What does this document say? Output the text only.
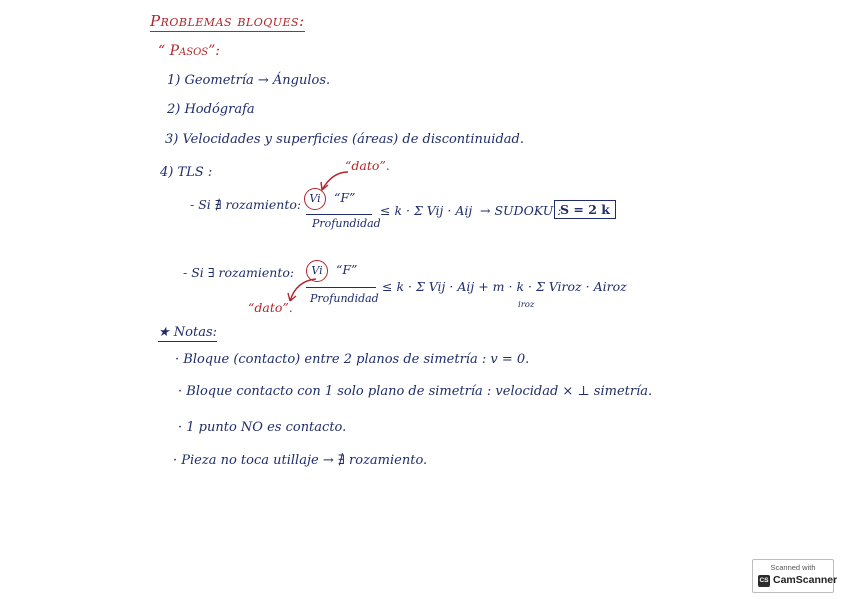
Problemas bloques:
“ Pasos”:
1) Geometría → Ángulos.
2) Hodógrafa
3) Velocidades y superficies (áreas) de discontinuidad.
4) TLS :	“dato”.
- Si ∄ rozamiento: Vi “F”
Profundidad
≤ k · Σ Vij · Aij → SUDOKU :
S = 2 k
- Si ∃ rozamiento:	Vi “F”
Profundidad
≤ k · Σ Vij · Aij + m · k · Σ Viroz · Airoz
iroz
“dato”.
★ Notas:
· Bloque (contacto) entre 2 planos de simetría : v = 0.
· Bloque contacto con 1 solo plano de simetría : velocidad × ⊥ simetría.
· 1 punto NO es contacto.
· Pieza no toca utillaje → ∄ rozamiento.
Scanned with
CS CamScanner
